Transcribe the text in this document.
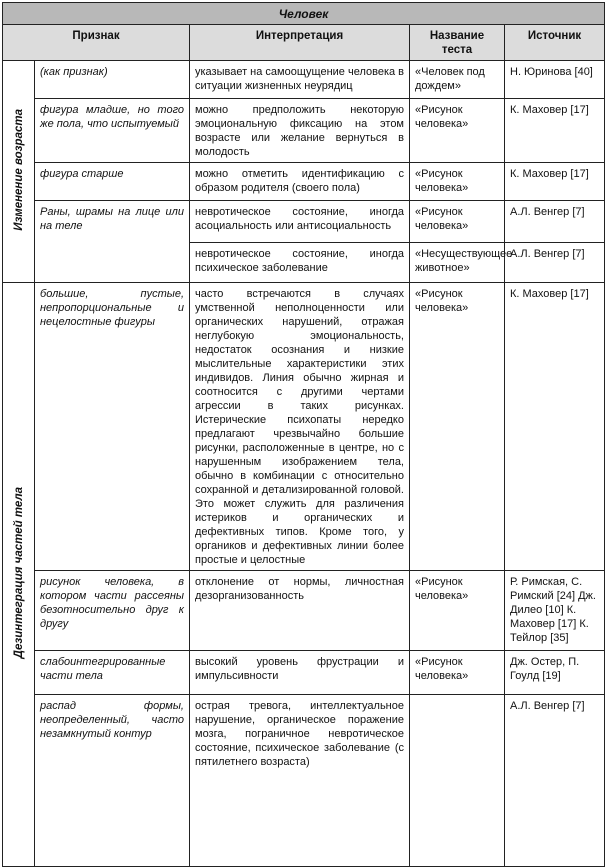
Человек				
Признак		Интерпретация	Название теста	Источник
Изменение возраста	(как признак)	указывает на самоощущение человека в ситуации жизненных неурядиц	«Человек под дождем»	Н. Юринова [40]
	фигура младше, но того же пола, что испытуемый	можно предположить некоторую эмоциональную фиксацию на этом возрасте или желание вернуться в молодость	«Рисунок человека»	К. Маховер [17]
	фигура старше	можно отметить идентификацию с образом родителя (своего пола)	«Рисунок человека»	К. Маховер [17]
	Раны, шрамы на лице или на теле	невротическое состояние, иногда асоциальность или антисоциальность	«Рисунок человека»	А.Л. Венгер [7]
		невротическое состояние, иногда психическое заболевание	«Несуществующее животное»	А.Л. Венгер [7]
Дезинтеграция частей тела	большие, пустые, непропорциональные и нецелостные фигуры	часто встречаются в случаях умственной неполноценности или органических нарушений, отражая неглубокую эмоциональность, недостаток осознания и низкие мыслительные характеристики этих индивидов. Линия обычно жирная и соотносится с другими чертами агрессии в таких рисунках. Истерические психопаты нередко предлагают чрезвычайно большие рисунки, расположенные в центре, но с нарушенным изображением тела, обычно в комбинации с относительно сохранной и детализированной головой. Это может служить для различения истериков и органических и дефективных типов. Кроме того, у органиков и дефективных линии более простые и целостные	«Рисунок человека»	К. Маховер [17]
	рисунок человека, в котором части рассеяны безотносительно друг к другу	отклонение от нормы, личностная дезорганизованность	«Рисунок человека»	Р. Римская, С. Римский [24] Дж. Дилео [10] К. Маховер [17] К. Тейлор [35]
	слабоинтегрированные части тела	высокий уровень фрустрации и импульсивности	«Рисунок человека»	Дж. Остер, П. Гоулд [19]
	распад формы, неопределенный, часто незамкнутый контур	острая тревога, интеллектуальное нарушение, органическое поражение мозга, пограничное невротическое состояние, психическое заболевание (с пятилетнего возраста)		А.Л. Венгер [7]
